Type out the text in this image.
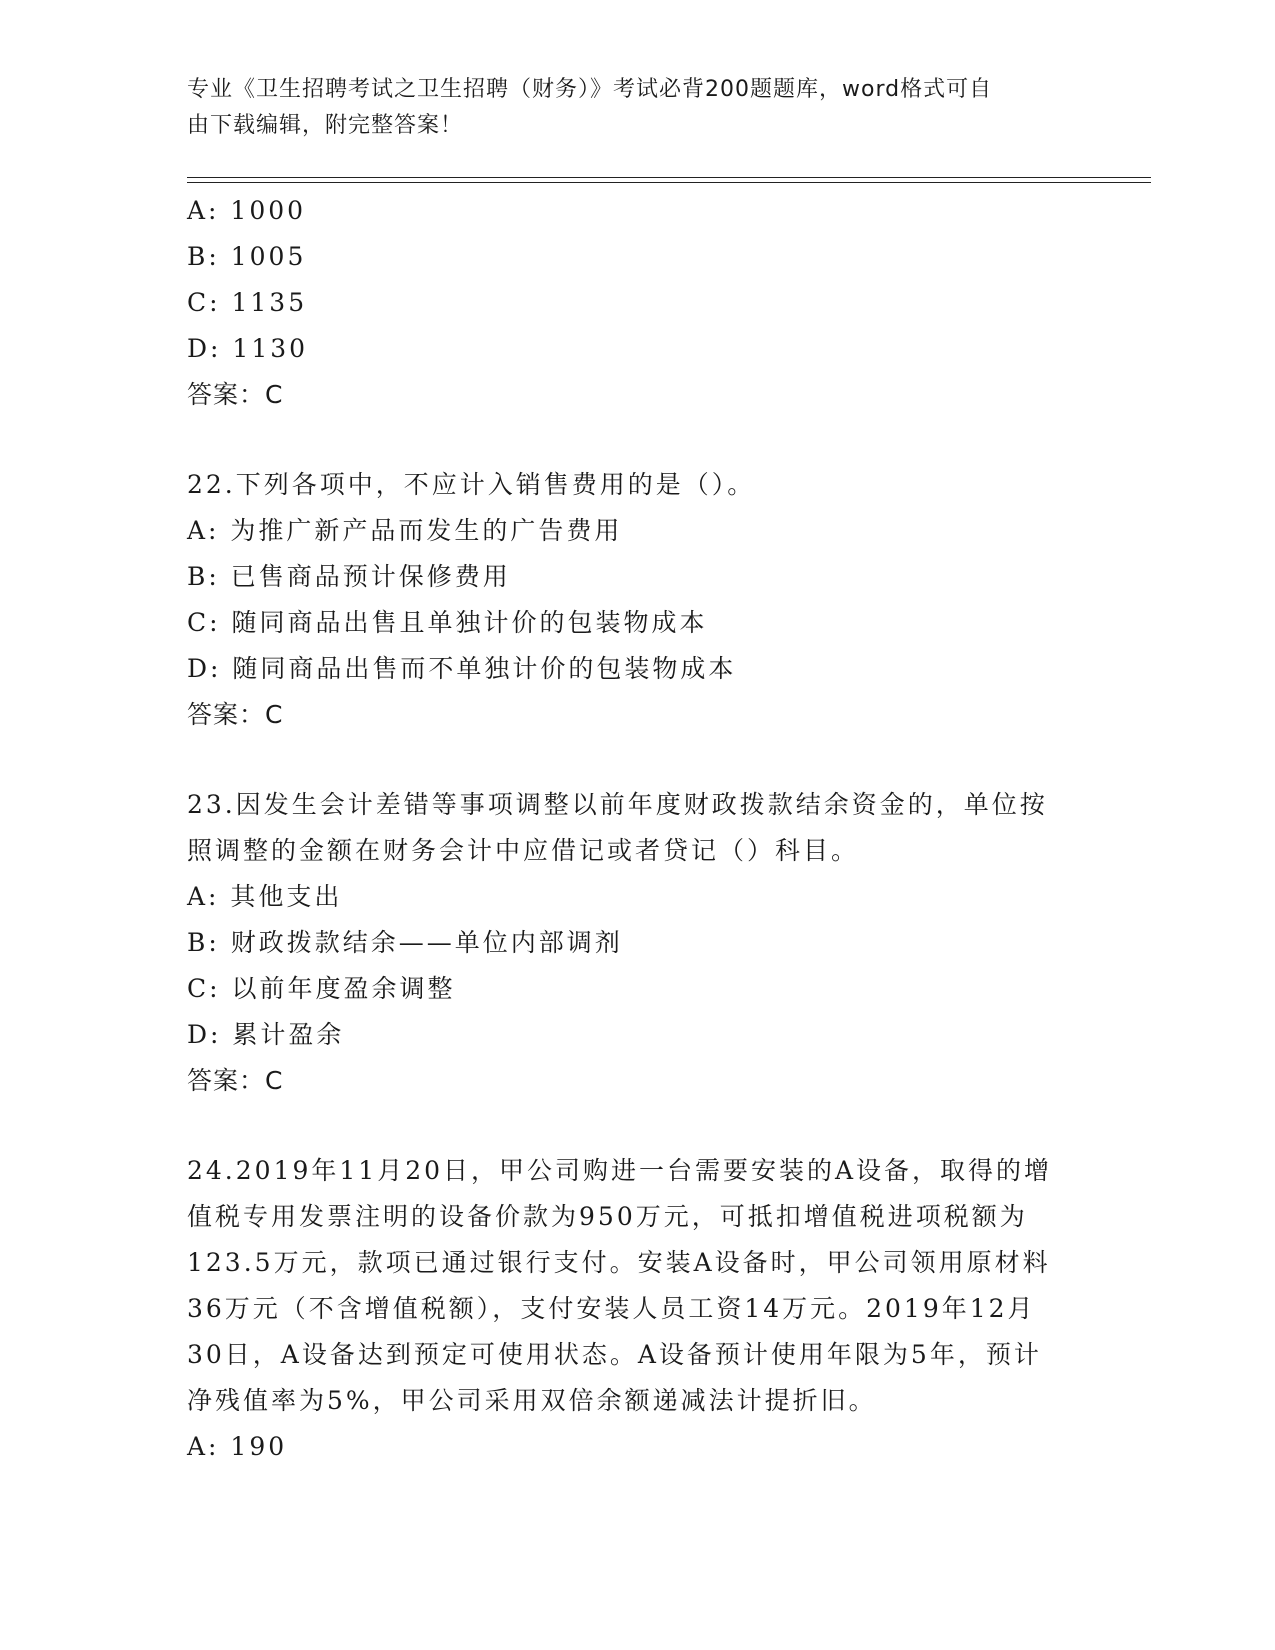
专业《卫生招聘考试之卫生招聘（财务）》考试必背200题题库，word格式可自
由下载编辑，附完整答案！
A: 1000
B: 1005
C: 1135
D: 1130
答案：C
22.下列各项中，不应计入销售费用的是（）。
A: 为推广新产品而发生的广告费用
B: 已售商品预计保修费用
C: 随同商品出售且单独计价的包装物成本
D: 随同商品出售而不单独计价的包装物成本
答案：C
23.因发生会计差错等事项调整以前年度财政拨款结余资金的，单位按
照调整的金额在财务会计中应借记或者贷记（）科目。
A: 其他支出
B: 财政拨款结余——单位内部调剂
C: 以前年度盈余调整
D: 累计盈余
答案：C
24.2019年11月20日，甲公司购进一台需要安装的A设备，取得的增
值税专用发票注明的设备价款为950万元，可抵扣增值税进项税额为
123.5万元，款项已通过银行支付。安装A设备时，甲公司领用原材料
36万元（不含增值税额），支付安装人员工资14万元。2019年12月
30日，A设备达到预定可使用状态。A设备预计使用年限为5年，预计
净残值率为5%，甲公司采用双倍余额递减法计提折旧。
A: 190
